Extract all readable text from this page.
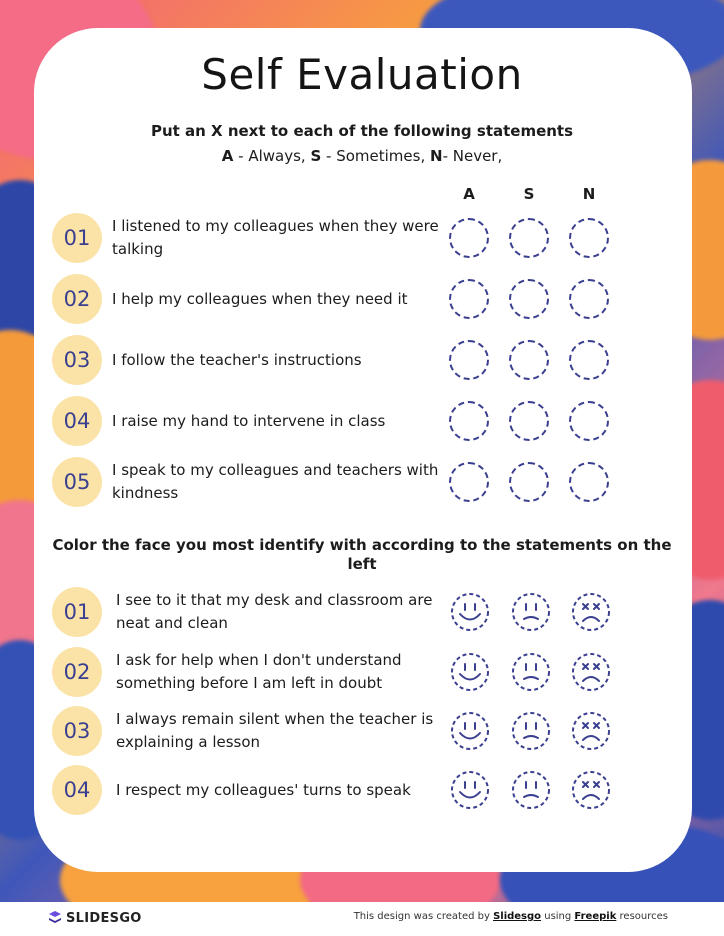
Self Evaluation
Put an X next to each of the following statements
A - Always, S - Sometimes, N- Never,
A	S	N
01	I listened to my colleagues when they were talking
02	I help my colleagues when they need it
03	I follow the teacher's instructions
04	I raise my hand to intervene in class
05	I speak to my colleagues and teachers with kindness
Color the face you most identify with according to the statements on the left
01	I see to it that my desk and classroom are neat and clean
02	I ask for help when I don't understand something before I am left in doubt
03	I always remain silent when the teacher is explaining a lesson
04	I respect my colleagues' turns to speak
SLIDESGO	This design was created by Slidesgo using Freepik resources
